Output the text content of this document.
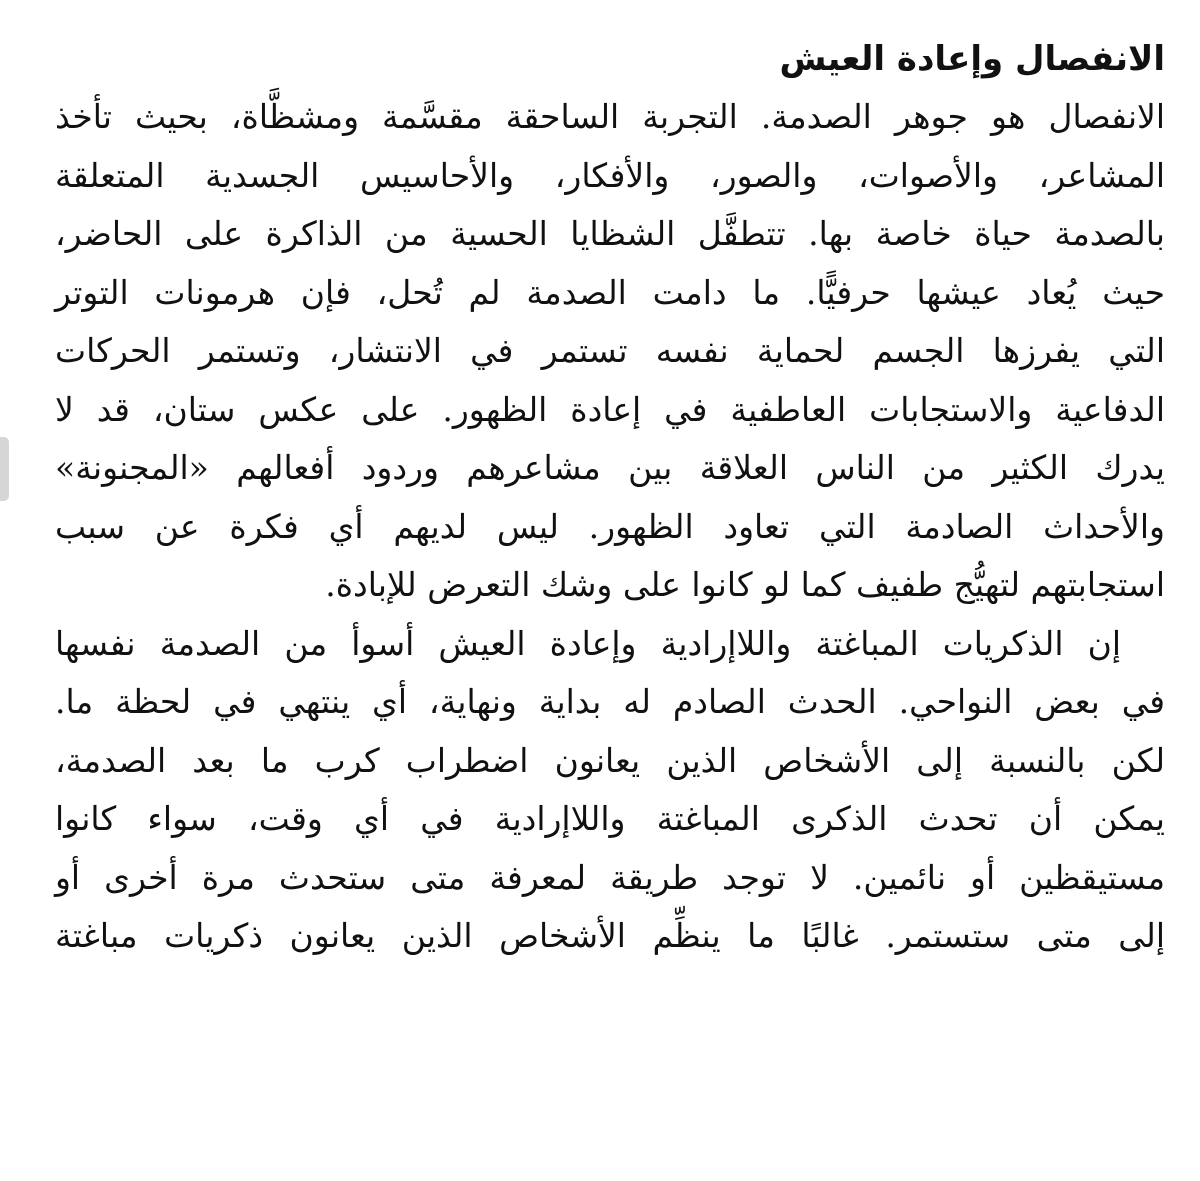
الانفصال وإعادة العيش

الانفصال هو جوهر الصدمة. التجربة الساحقة مقسَّمة ومشظَّاة، بحيث تأخذ

المشاعر، والأصوات، والصور، والأفكار، والأحاسيس الجسدية المتعلقة

بالصدمة حياة خاصة بها. تتطفَّل الشظايا الحسية من الذاكرة على الحاضر،

حيث يُعاد عيشها حرفيًّا. ما دامت الصدمة لم تُحل، فإن هرمونات التوتر

التي يفرزها الجسم لحماية نفسه تستمر في الانتشار، وتستمر الحركات

الدفاعية والاستجابات العاطفية في إعادة الظهور. على عكس ستان، قد لا

يدرك الكثير من الناس العلاقة بين مشاعرهم وردود أفعالهم «المجنونة»

والأحداث الصادمة التي تعاود الظهور. ليس لديهم أي فكرة عن سبب

استجابتهم لتهيُّج طفيف كما لو كانوا على وشك التعرض للإبادة.

إن الذكريات المباغتة واللاإرادية وإعادة العيش أسوأ من الصدمة نفسها

في بعض النواحي. الحدث الصادم له بداية ونهاية، أي ينتهي في لحظة ما.

لكن بالنسبة إلى الأشخاص الذين يعانون اضطراب كرب ما بعد الصدمة،

يمكن أن تحدث الذكرى المباغتة واللاإرادية في أي وقت، سواء كانوا

مستيقظين أو نائمين. لا توجد طريقة لمعرفة متى ستحدث مرة أخرى أو

إلى متى ستستمر. غالبًا ما ينظِّم الأشخاص الذين يعانون ذكريات مباغتة
